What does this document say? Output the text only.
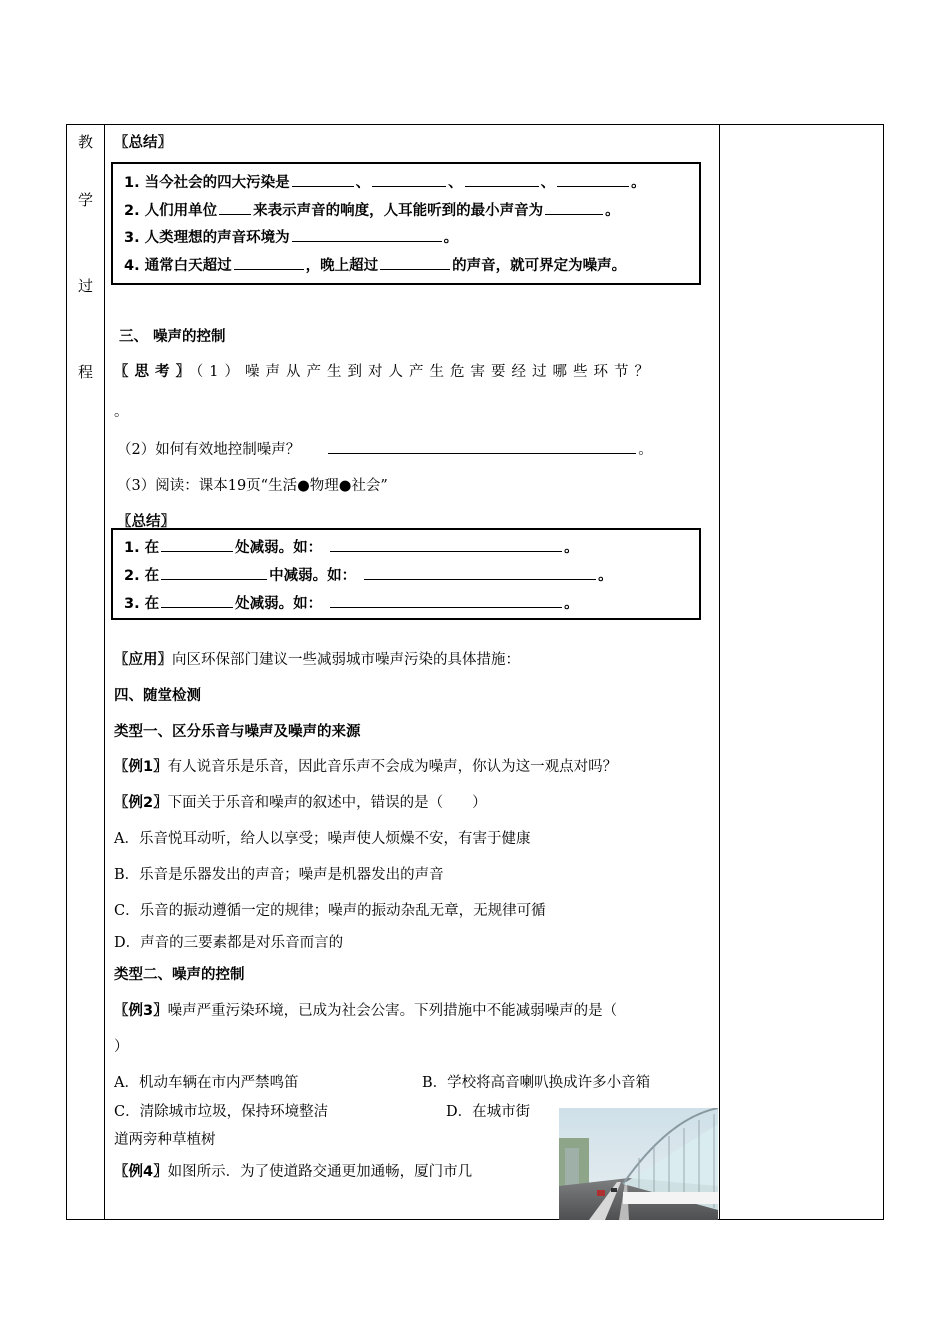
教
学
过
程
〖总结〗
1. 当今社会的四大污染是	、	、	、	。
2. 人们用单位 来表示声音的响度，人耳能听到的最小声音为	。
3. 人类理想的声音环境为	。
4. 通常白天超过	，晚上超过	的声音，就可界定为噪声。
三、 噪声的控制
〖思考〗（1）噪声从产生到对人产生危害要经过哪些环节？
。
（2）如何有效地控制噪声？	。
（3）阅读：课本19页“生活●物理●社会”
〖总结〗
1. 在	处减弱。如：	。
2. 在	中减弱。如：	。
3. 在	处减弱。如：	。
〖应用〗向区环保部门建议一些减弱城市噪声污染的具体措施：
四、随堂检测
类型一、区分乐音与噪声及噪声的来源
〖例1〗有人说音乐是乐音，因此音乐声不会成为噪声，你认为这一观点对吗？
〖例2〗下面关于乐音和噪声的叙述中，错误的是（　　）
A．乐音悦耳动听，给人以享受；噪声使人烦燥不安，有害于健康
B．乐音是乐器发出的声音；噪声是机器发出的声音
C．乐音的振动遵循一定的规律；噪声的振动杂乱无章，无规律可循
D．声音的三要素都是对乐音而言的
类型二、噪声的控制
〖例3〗噪声严重污染环境，已成为社会公害。下列措施中不能减弱噪声的是（
）
A．机动车辆在市内严禁鸣笛	B．学校将高音喇叭换成许多小音箱
C．清除城市垃圾，保持环境整洁	D．在城市街
道两旁种草植树
〖例4〗如图所示．为了使道路交通更加通畅，厦门市几
